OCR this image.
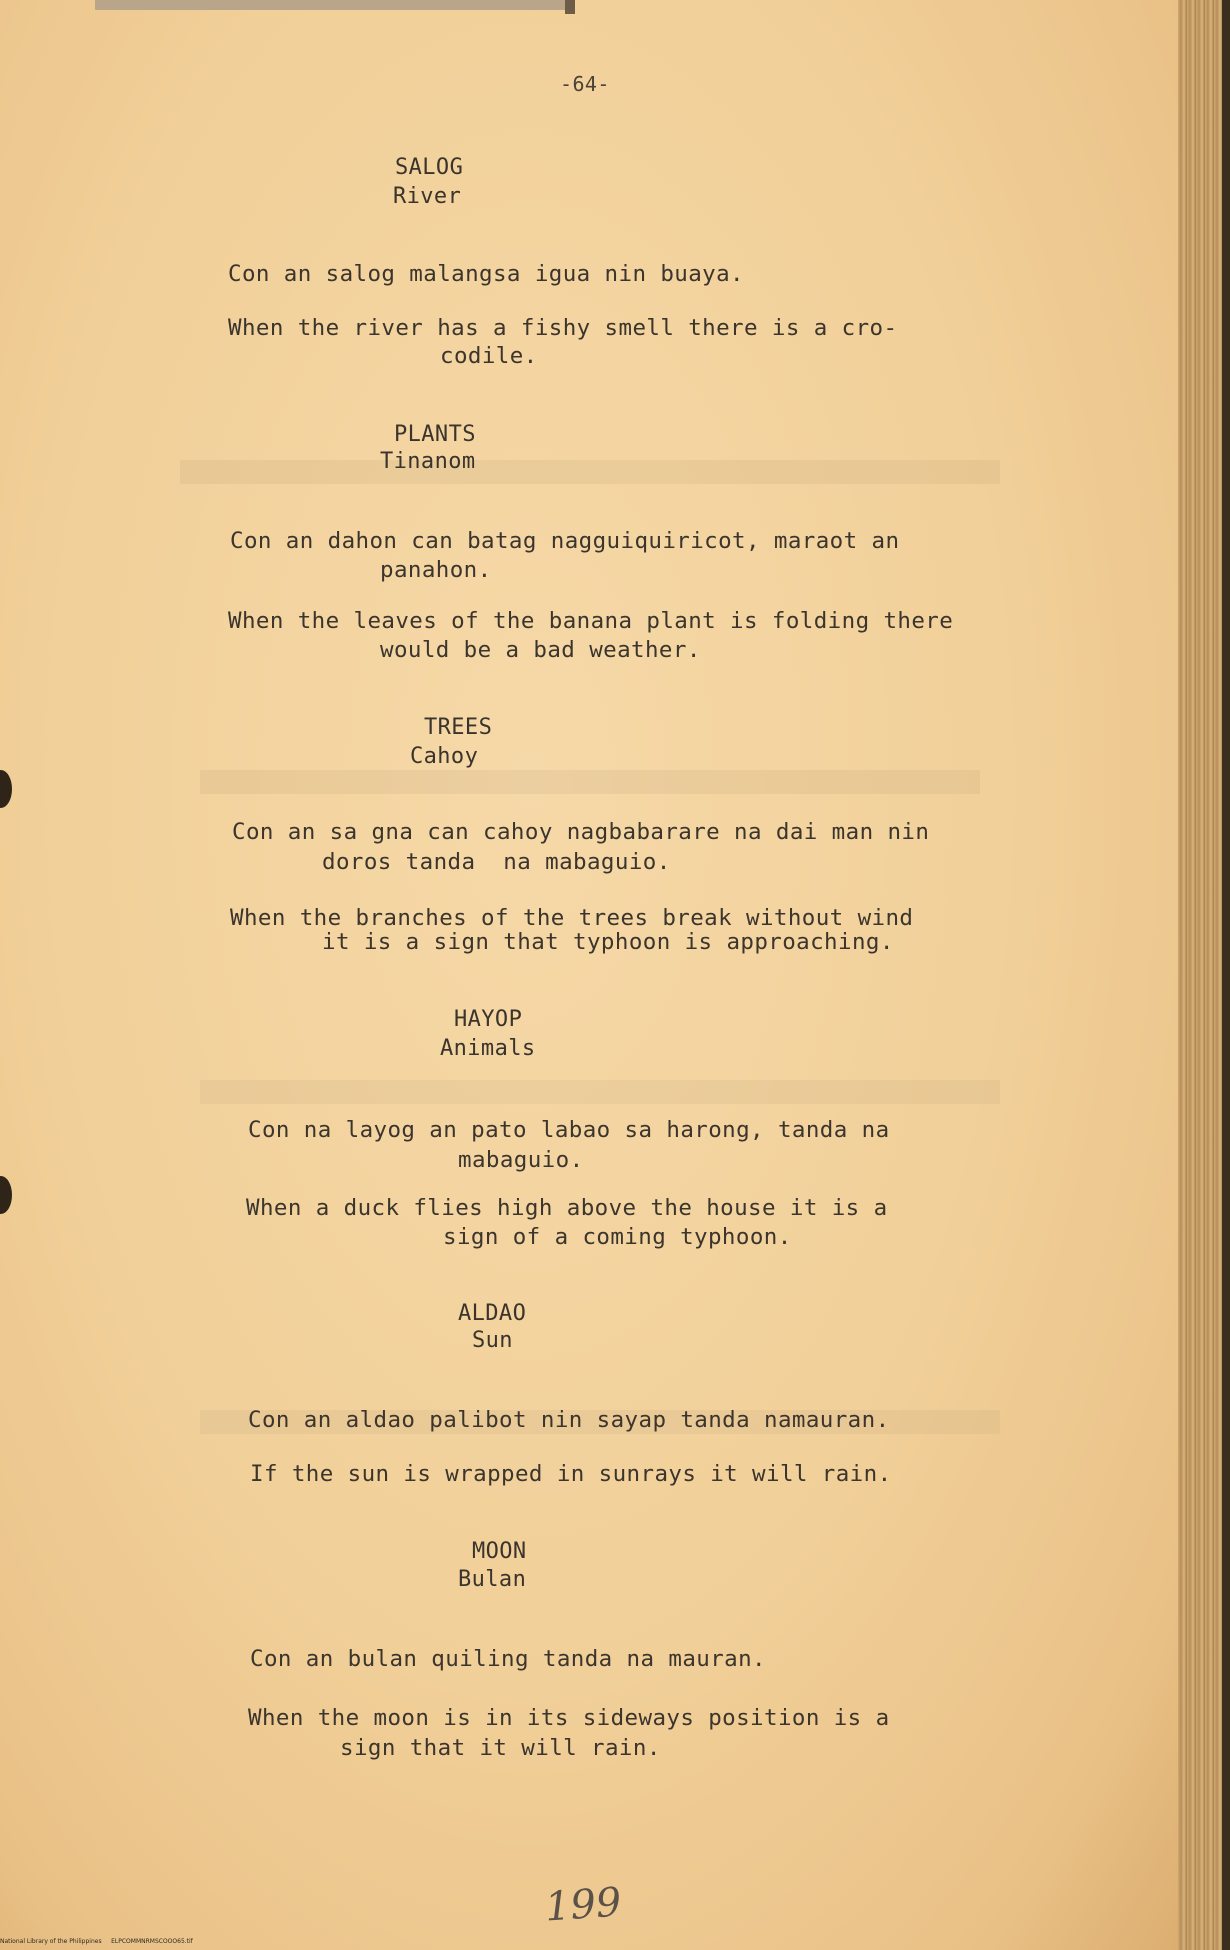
-64-
SALOG
River
Con an salog malangsa igua nin buaya.
When the river has a fishy smell there is a cro-
codile.
PLANTS
Tinanom
Con an dahon can batag nagguiquiricot, maraot an
panahon.
When the leaves of the banana plant is folding there
would be a bad weather.
TREES
Cahoy
Con an sa gna can cahoy nagbabarare na dai man nin
doros tanda  na mabaguio.
When the branches of the trees break without wind
it is a sign that typhoon is approaching.
HAYOP
Animals
Con na layog an pato labao sa harong, tanda na
mabaguio.
When a duck flies high above the house it is a
sign of a coming typhoon.
ALDAO
Sun
Con an aldao palibot nin sayap tanda namauran.
If the sun is wrapped in sunrays it will rain.
MOON
Bulan
Con an bulan quiling tanda na mauran.
When the moon is in its sideways position is a
sign that it will rain.
199
National Library of the Philippines     ELPCOMMNRMSCOOO65.tif
